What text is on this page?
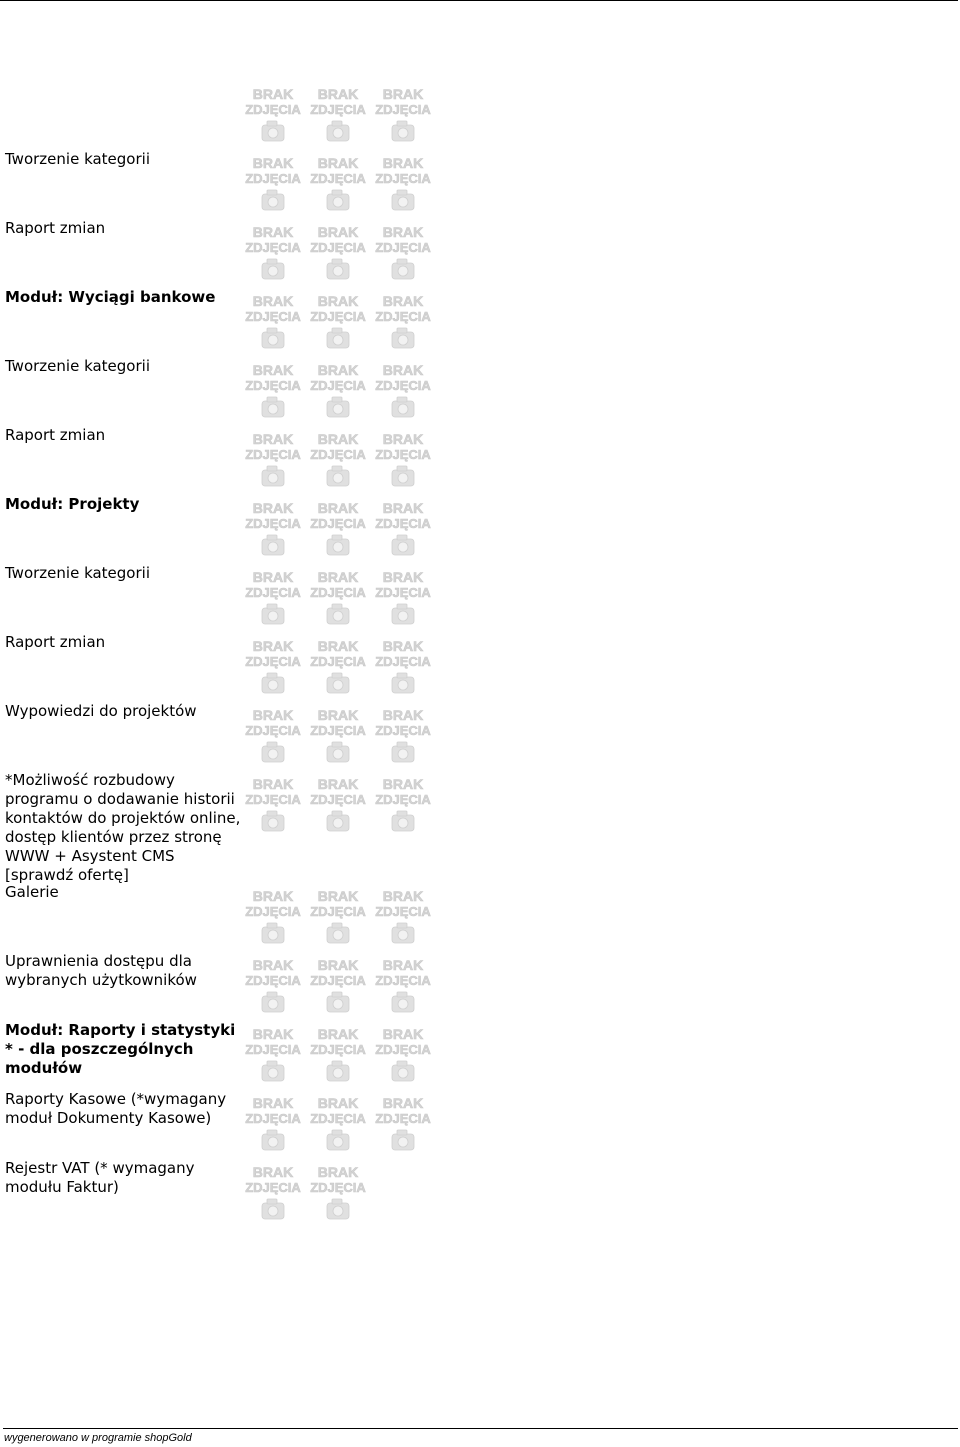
Tworzenie kategorii
Raport zmian
Moduł: Wyciągi bankowe
Tworzenie kategorii
Raport zmian
Moduł: Projekty
Tworzenie kategorii
Raport zmian
Wypowiedzi do projektów
*Możliwość rozbudowy programu o dodawanie historii kontaktów do projektów online, dostęp klientów przez stronę WWW + Asystent CMS [sprawdź ofertę]
Galerie
Uprawnienia dostępu dla wybranych użytkowników
Moduł: Raporty i statystyki * - dla poszczególnych modułów
Raporty Kasowe (*wymagany moduł Dokumenty Kasowe)
Rejestr VAT (* wymagany modułu Faktur)
BRAK
ZDJĘCIA
BRAK
ZDJĘCIA
BRAK
ZDJĘCIA
BRAK
ZDJĘCIA
BRAK
ZDJĘCIA
BRAK
ZDJĘCIA
BRAK
ZDJĘCIA
BRAK
ZDJĘCIA
BRAK
ZDJĘCIA
BRAK
ZDJĘCIA
BRAK
ZDJĘCIA
BRAK
ZDJĘCIA
BRAK
ZDJĘCIA
BRAK
ZDJĘCIA
BRAK
ZDJĘCIA
BRAK
ZDJĘCIA
BRAK
ZDJĘCIA
BRAK
ZDJĘCIA
BRAK
ZDJĘCIA
BRAK
ZDJĘCIA
BRAK
ZDJĘCIA
BRAK
ZDJĘCIA
BRAK
ZDJĘCIA
BRAK
ZDJĘCIA
BRAK
ZDJĘCIA
BRAK
ZDJĘCIA
BRAK
ZDJĘCIA
BRAK
ZDJĘCIA
BRAK
ZDJĘCIA
BRAK
ZDJĘCIA
BRAK
ZDJĘCIA
BRAK
ZDJĘCIA
BRAK
ZDJĘCIA
BRAK
ZDJĘCIA
BRAK
ZDJĘCIA
BRAK
ZDJĘCIA
BRAK
ZDJĘCIA
BRAK
ZDJĘCIA
BRAK
ZDJĘCIA
BRAK
ZDJĘCIA
BRAK
ZDJĘCIA
BRAK
ZDJĘCIA
BRAK
ZDJĘCIA
BRAK
ZDJĘCIA
BRAK
ZDJĘCIA
BRAK
ZDJĘCIA
BRAK
ZDJĘCIA
wygenerowano w programie shopGold
